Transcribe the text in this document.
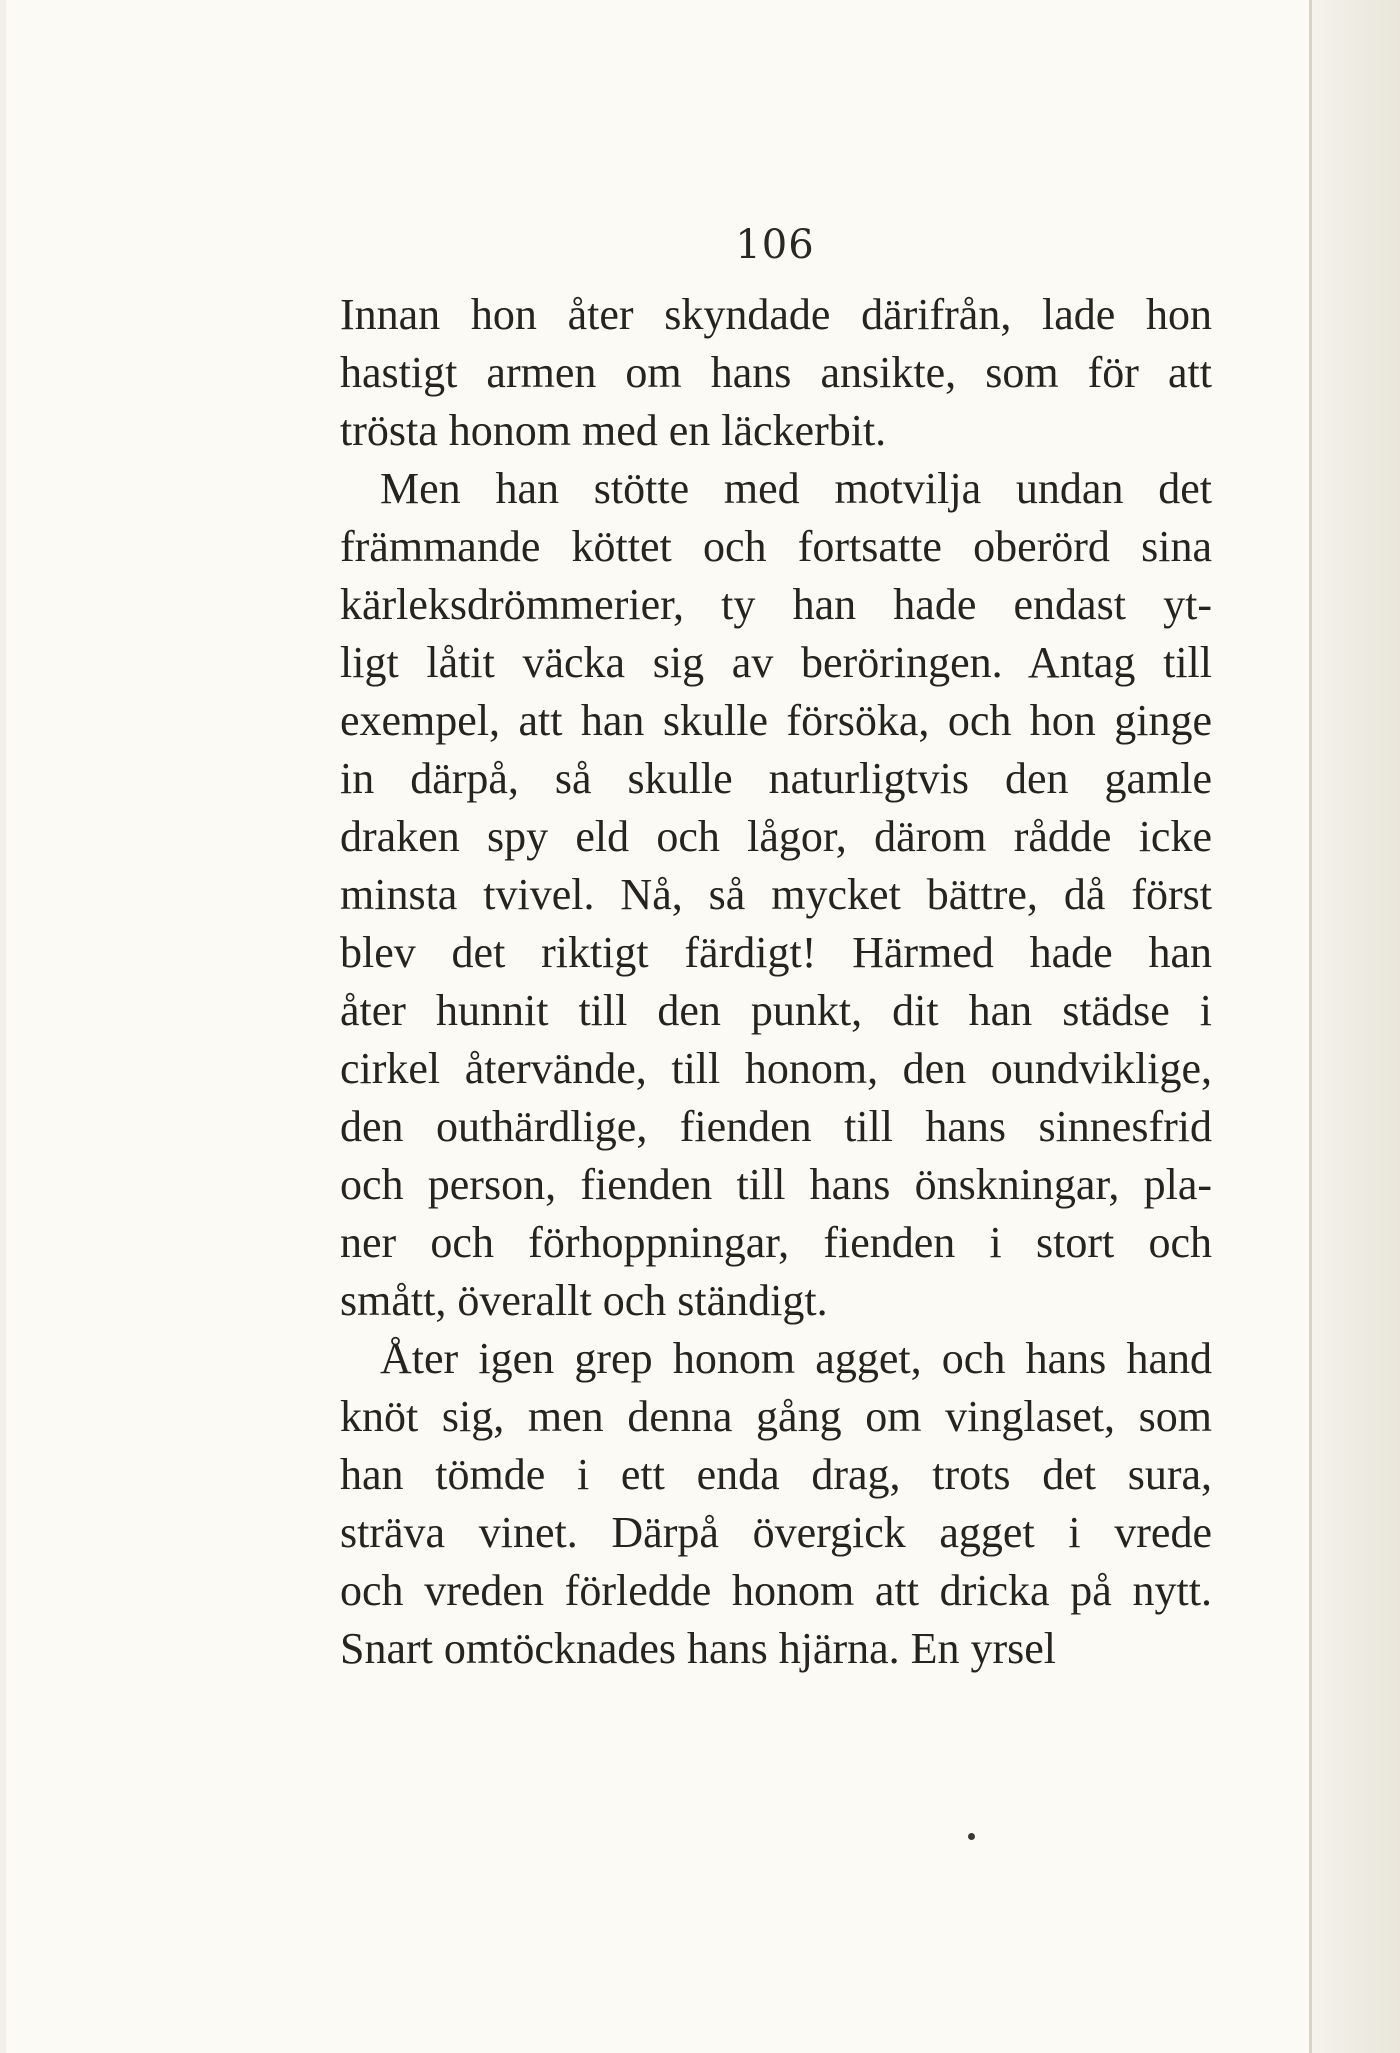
106
Innan hon åter skyndade därifrån, lade hon
hastigt armen om hans ansikte, som för att
trösta honom med en läckerbit.
Men han stötte med motvilja undan det
främmande köttet och fortsatte oberörd sina
kärleksdrömmerier, ty han hade endast yt-
ligt låtit väcka sig av beröringen. Antag till
exempel, att han skulle försöka, och hon ginge
in därpå, så skulle naturligtvis den gamle
draken spy eld och lågor, därom rådde icke
minsta tvivel. Nå, så mycket bättre, då först
blev det riktigt färdigt! Härmed hade han
åter hunnit till den punkt, dit han städse i
cirkel återvände, till honom, den oundviklige,
den outhärdlige, fienden till hans sinnesfrid
och person, fienden till hans önskningar, pla-
ner och förhoppningar, fienden i stort och
smått, överallt och ständigt.
Åter igen grep honom agget, och hans hand
knöt sig, men denna gång om vinglaset, som
han tömde i ett enda drag, trots det sura,
sträva vinet. Därpå övergick agget i vrede
och vreden förledde honom att dricka på nytt.
Snart omtöcknades hans hjärna. En yrsel
